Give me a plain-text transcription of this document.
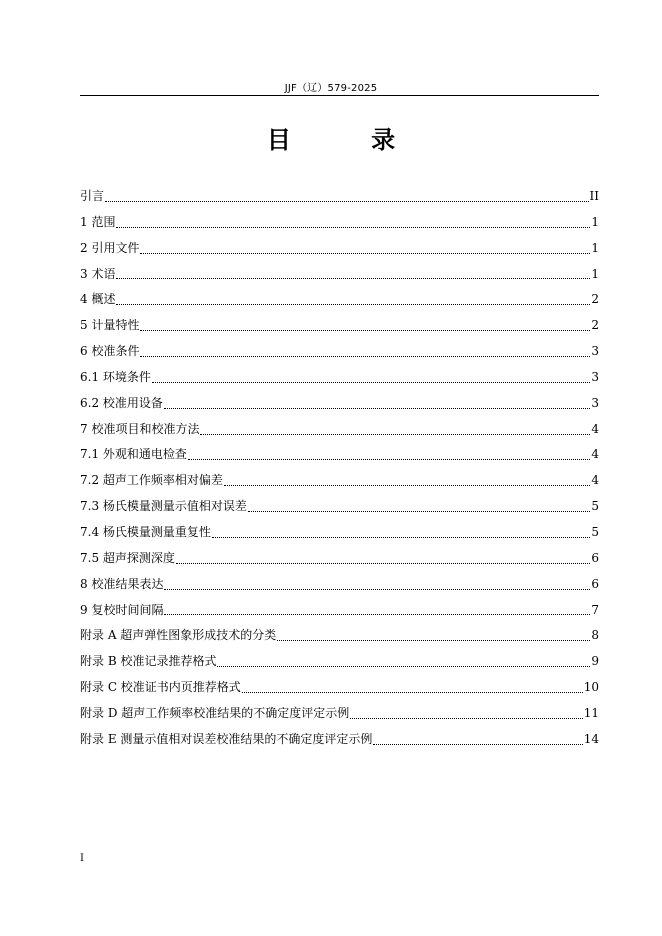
JJF（辽）579-2025
目 录
引言	II
1 范围	1
2 引用文件	1
3 术语	1
4 概述	2
5 计量特性	2
6 校准条件	3
6.1 环境条件	3
6.2 校准用设备	3
7 校准项目和校准方法	4
7.1 外观和通电检查	4
7.2 超声工作频率相对偏差	4
7.3 杨氏模量测量示值相对误差	5
7.4 杨氏模量测量重复性	5
7.5 超声探测深度	6
8 校准结果表达	6
9 复校时间间隔	7
附录 A 超声弹性图象形成技术的分类	8
附录 B 校准记录推荐格式	9
附录 C 校准证书内页推荐格式	10
附录 D 超声工作频率校准结果的不确定度评定示例	11
附录 E 测量示值相对误差校准结果的不确定度评定示例	14
I
